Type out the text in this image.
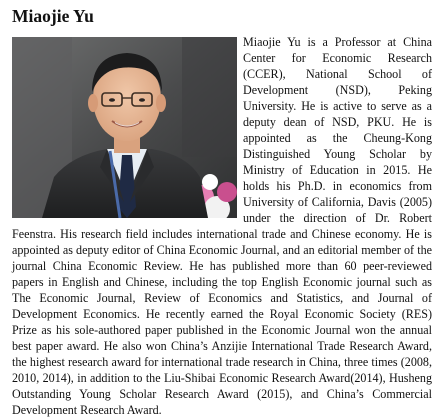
Miaojie Yu

Miaojie Yu is a Professor at China Center for Economic Research (CCER), National School of Development (NSD), Peking University. He is active to serve as a deputy dean of NSD, PKU. He is appointed as the Cheung-Kong Distinguished Young Scholar by Ministry of Education in 2015. He holds his Ph.D. in economics from University of California, Davis (2005) under the direction of Dr. Robert Feenstra. His research field includes international trade and Chinese economy. He is appointed as deputy editor of China Economic Journal, and an editorial member of the journal China Economic Review. He has published more than 60 peer-reviewed papers in English and Chinese, including the top English Economic journal such as The Economic Journal, Review of Economics and Statistics, and Journal of Development Economics. He recently earned the Royal Economic Society (RES) Prize as his sole-authored paper published in the Economic Journal won the annual best paper award. He also won China’s Anzijie International Trade Research Award, the highest research award for international trade research in China, three times (2008, 2010, 2014), in addition to the Liu-Shibai Economic Research Award(2014), Husheng Outstanding Young Scholar Research Award (2015), and China’s Commercial Development Research Award.
